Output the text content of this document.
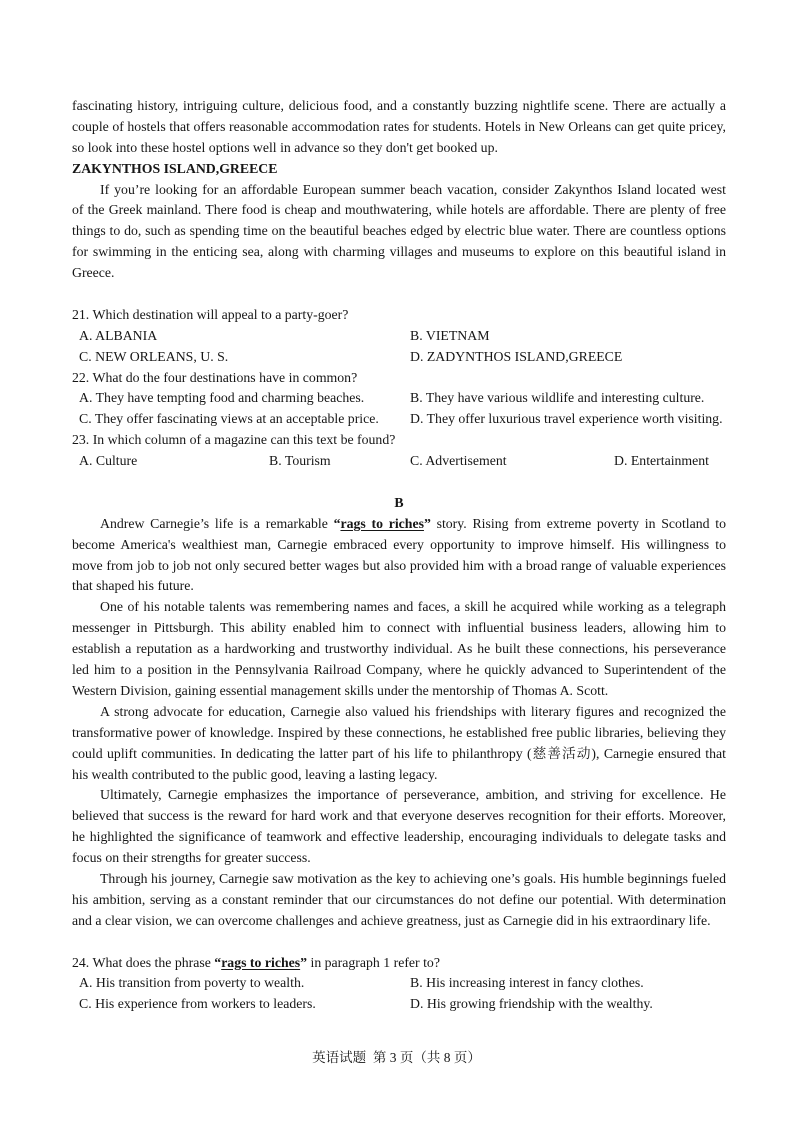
fascinating history, intriguing culture, delicious food, and a constantly buzzing nightlife scene. There are actually a
couple of hostels that offers reasonable accommodation rates for students. Hotels in New Orleans can get quite pricey,
so look into these hostel options well in advance so they don't get booked up.
ZAKYNTHOS ISLAND,GREECE
If you’re looking for an affordable European summer beach vacation, consider Zakynthos Island located west
of the Greek mainland. There food is cheap and mouthwatering, while hotels are affordable. There are plenty of free
things to do, such as spending time on the beautiful beaches edged by electric blue water. There are countless options
for swimming in the enticing sea, along with charming villages and museums to explore on this beautiful island in
Greece.
21. Which destination will appeal to a party-goer?
A. ALBANIA	B. VIETNAM
C. NEW ORLEANS, U. S.	D. ZADYNTHOS ISLAND,GREECE
22. What do the four destinations have in common?
A. They have tempting food and charming beaches.	B. They have various wildlife and interesting culture.
C. They offer fascinating views at an acceptable price.	D. They offer luxurious travel experience worth visiting.
23. In which column of a magazine can this text be found?
A. Culture	B. Tourism	C. Advertisement	D. Entertainment
B
Andrew Carnegie’s life is a remarkable “rags to riches” story. Rising from extreme poverty in Scotland to
become America's wealthiest man, Carnegie embraced every opportunity to improve himself. His willingness to
move from job to job not only secured better wages but also provided him with a broad range of valuable experiences
that shaped his future.
One of his notable talents was remembering names and faces, a skill he acquired while working as a telegraph
messenger in Pittsburgh. This ability enabled him to connect with influential business leaders, allowing him to
establish a reputation as a hardworking and trustworthy individual. As he built these connections, his perseverance
led him to a position in the Pennsylvania Railroad Company, where he quickly advanced to Superintendent of the
Western Division, gaining essential management skills under the mentorship of Thomas A. Scott.
A strong advocate for education, Carnegie also valued his friendships with literary figures and recognized the
transformative power of knowledge. Inspired by these connections, he established free public libraries, believing they
could uplift communities. In dedicating the latter part of his life to philanthropy (慈善活动), Carnegie ensured that
his wealth contributed to the public good, leaving a lasting legacy.
Ultimately, Carnegie emphasizes the importance of perseverance, ambition, and striving for excellence. He
believed that success is the reward for hard work and that everyone deserves recognition for their efforts. Moreover,
he highlighted the significance of teamwork and effective leadership, encouraging individuals to delegate tasks and
focus on their strengths for greater success.
Through his journey, Carnegie saw motivation as the key to achieving one’s goals. His humble beginnings fueled
his ambition, serving as a constant reminder that our circumstances do not define our potential. With determination
and a clear vision, we can overcome challenges and achieve greatness, just as Carnegie did in his extraordinary life.
24. What does the phrase “rags to riches” in paragraph 1 refer to?
A. His transition from poverty to wealth.	B. His increasing interest in fancy clothes.
C. His experience from workers to leaders.	D. His growing friendship with the wealthy.
英语试题  第 3 页（共 8 页）
